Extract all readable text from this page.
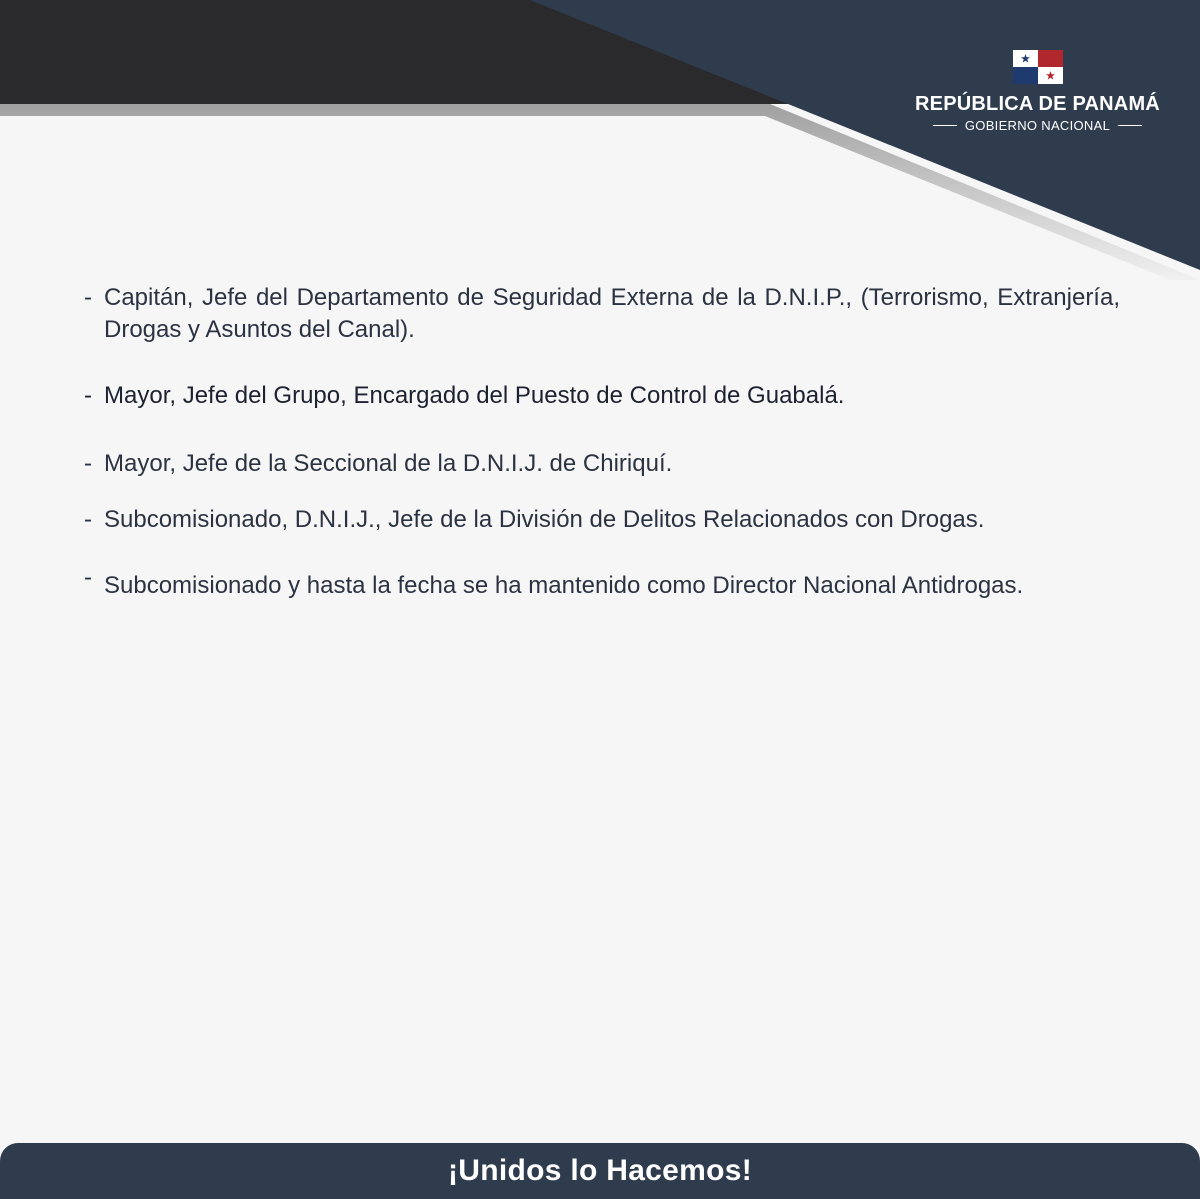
REPÚBLICA DE PANAMÁ
GOBIERNO NACIONAL
- Capitán, Jefe del Departamento de Seguridad Externa de la D.N.I.P., (Terrorismo, Extranjería, Drogas y Asuntos del Canal).
- Mayor, Jefe del Grupo, Encargado del Puesto de Control de Guabalá.
- Mayor, Jefe de la Seccional de la D.N.I.J. de Chiriquí.
- Subcomisionado, D.N.I.J., Jefe de la División de Delitos Relacionados con Drogas.
- Subcomisionado y hasta la fecha se ha mantenido como Director Nacional Antidrogas.
¡Unidos lo Hacemos!
